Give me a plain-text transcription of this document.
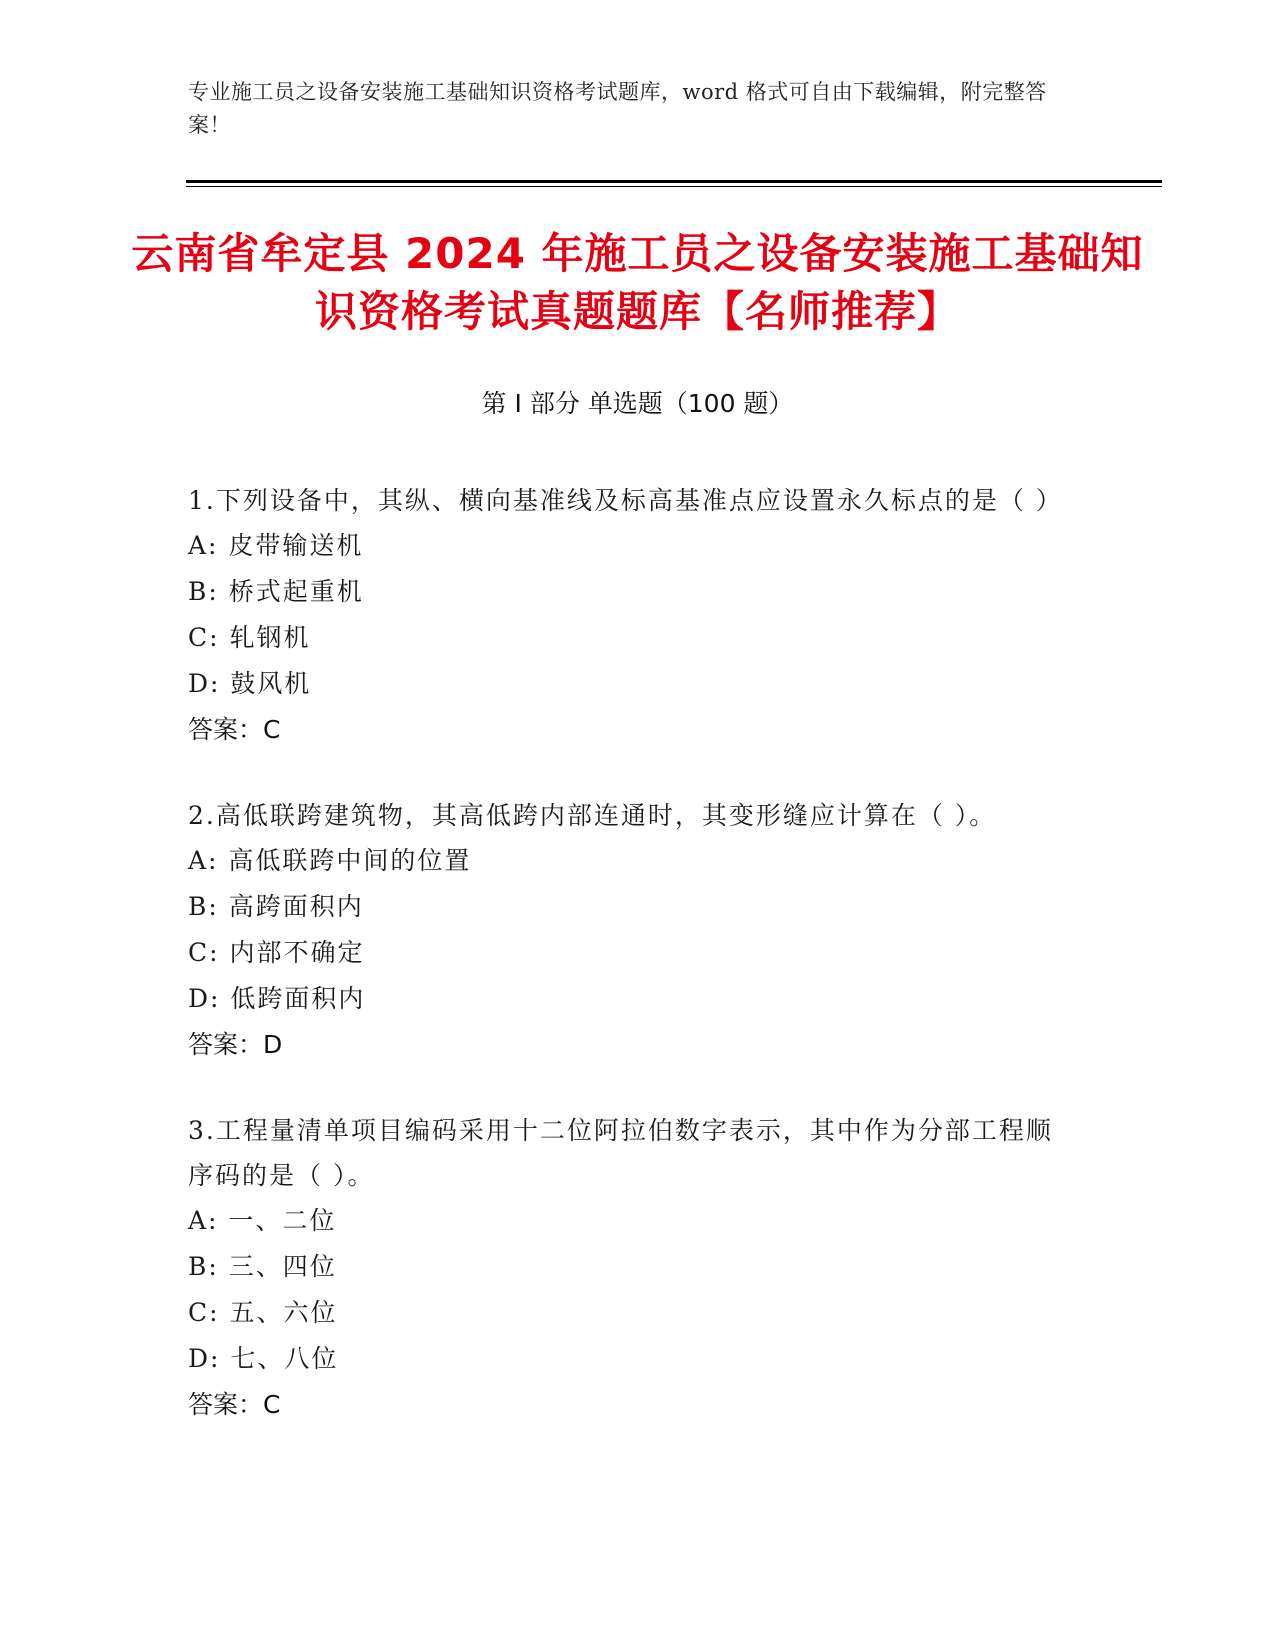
专业施工员之设备安装施工基础知识资格考试题库，word 格式可自由下载编辑，附完整答案！
云南省牟定县 2024 年施工员之设备安装施工基础知识资格考试真题题库【名师推荐】
第 I 部分 单选题（100 题）
1.下列设备中，其纵、横向基准线及标高基准点应设置永久标点的是（ ）
A: 皮带输送机
B: 桥式起重机
C: 轧钢机
D: 鼓风机
答案：C
2.高低联跨建筑物，其高低跨内部连通时，其变形缝应计算在（ ）。
A: 高低联跨中间的位置
B: 高跨面积内
C: 内部不确定
D: 低跨面积内
答案：D
3.工程量清单项目编码采用十二位阿拉伯数字表示，其中作为分部工程顺序码的是（ ）。
A: 一、二位
B: 三、四位
C: 五、六位
D: 七、八位
答案：C
